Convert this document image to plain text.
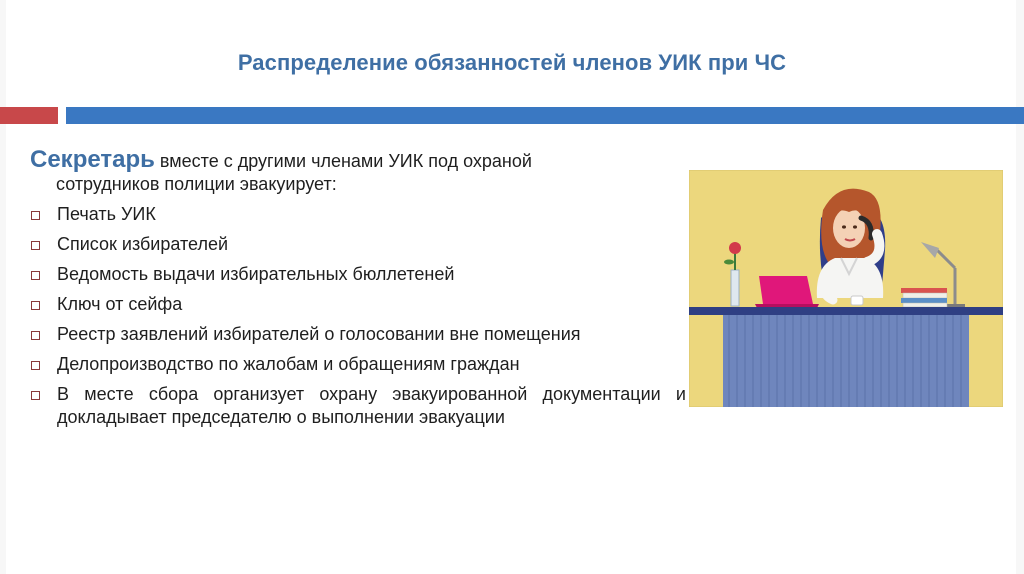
Распределение обязанностей членов УИК при ЧС
Секретарь вместе с другими членами УИК под охраной
сотрудников полиции эвакуирует:
Печать УИК
Список избирателей
Ведомость выдачи избирательных бюллетеней
Ключ от сейфа
Реестр заявлений избирателей о голосовании вне помещения
Делопроизводство по жалобам и обращениям граждан
В месте сбора организует охрану эвакуированной документации и докладывает председателю о выполнении эвакуации
